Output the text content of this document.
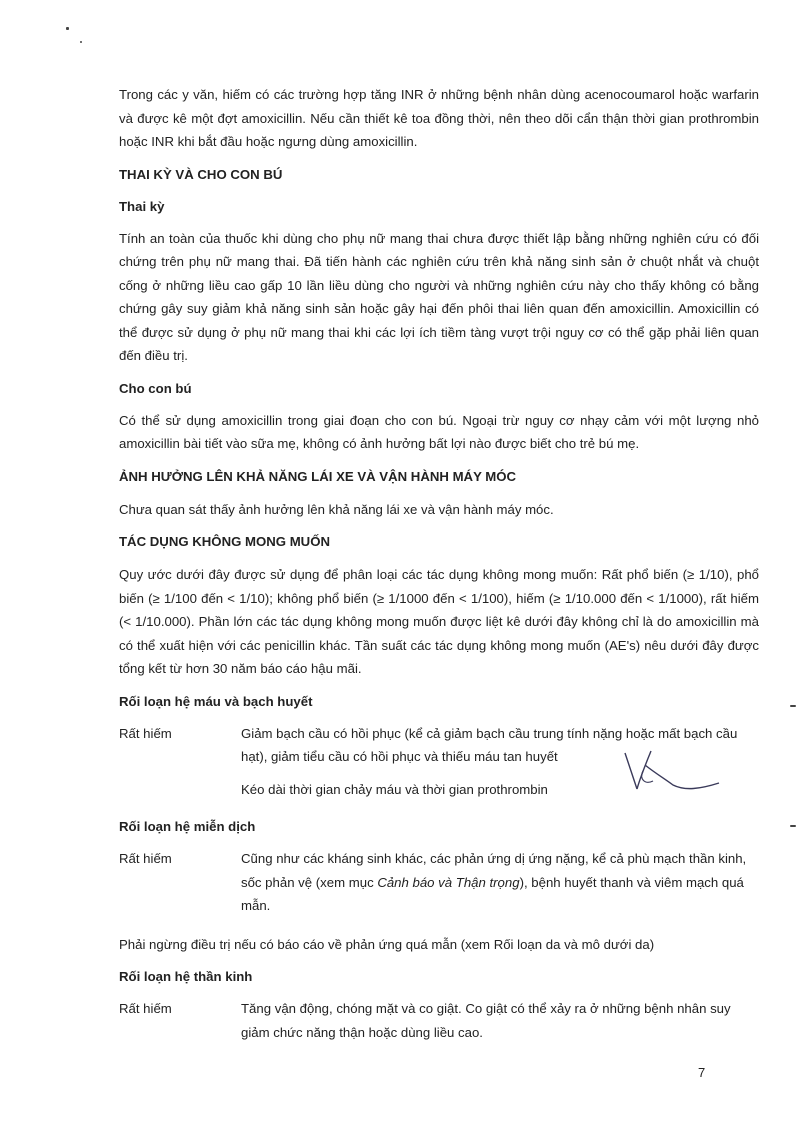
Trong các y văn, hiếm có các trường hợp tăng INR ở những bệnh nhân dùng acenocoumarol hoặc warfarin và được kê một đợt amoxicillin. Nếu cần thiết kê toa đồng thời, nên theo dõi cẩn thận thời gian prothrombin hoặc INR khi bắt đầu hoặc ngưng dùng amoxicillin.

THAI KỲ VÀ CHO CON BÚ
Thai kỳ

Tính an toàn của thuốc khi dùng cho phụ nữ mang thai chưa được thiết lập bằng những nghiên cứu có đối chứng trên phụ nữ mang thai. Đã tiến hành các nghiên cứu trên khả năng sinh sản ở chuột nhắt và chuột cống ở những liều cao gấp 10 lần liều dùng cho người và những nghiên cứu này cho thấy không có bằng chứng gây suy giảm khả năng sinh sản hoặc gây hại đến phôi thai liên quan đến amoxicillin. Amoxicillin có thể được sử dụng ở phụ nữ mang thai khi các lợi ích tiềm tàng vượt trội nguy cơ có thể gặp phải liên quan đến điều trị.

Cho con bú

Có thể sử dụng amoxicillin trong giai đoạn cho con bú. Ngoại trừ nguy cơ nhạy cảm với một lượng nhỏ amoxicillin bài tiết vào sữa mẹ, không có ảnh hưởng bất lợi nào được biết cho trẻ bú mẹ.

ẢNH HƯỞNG LÊN KHẢ NĂNG LÁI XE VÀ VẬN HÀNH MÁY MÓC

Chưa quan sát thấy ảnh hưởng lên khả năng lái xe và vận hành máy móc.

TÁC DỤNG KHÔNG MONG MUỐN

Quy ước dưới đây được sử dụng để phân loại các tác dụng không mong muốn: Rất phổ biến (≥ 1/10), phổ biến (≥ 1/100 đến < 1/10); không phổ biến (≥ 1/1000 đến < 1/100), hiếm (≥ 1/10.000 đến < 1/1000), rất hiếm (< 1/10.000). Phần lớn các tác dụng không mong muốn được liệt kê dưới đây không chỉ là do amoxicillin mà có thể xuất hiện với các penicillin khác. Tần suất các tác dụng không mong muốn (AE's) nêu dưới đây được tổng kết từ hơn 30 năm báo cáo hậu mãi.

Rối loạn hệ máu và bạch huyết
Rất hiếm	Giảm bạch cầu có hồi phục (kể cả giảm bạch cầu trung tính nặng hoặc mất bạch cầu hạt), giảm tiểu cầu có hồi phục và thiếu máu tan huyết

Kéo dài thời gian chảy máu và thời gian prothrombin

Rối loạn hệ miễn dịch
Rất hiếm	Cũng như các kháng sinh khác, các phản ứng dị ứng nặng, kể cả phù mạch thần kinh, sốc phản vệ (xem mục Cảnh báo và Thận trọng), bệnh huyết thanh và viêm mạch quá mẫn.

Phải ngừng điều trị nếu có báo cáo về phản ứng quá mẫn (xem Rối loạn da và mô dưới da)

Rối loạn hệ thần kinh
Rất hiếm	Tăng vận động, chóng mặt và co giật. Co giật có thể xảy ra ở những bệnh nhân suy giảm chức năng thận hoặc dùng liều cao.

7
